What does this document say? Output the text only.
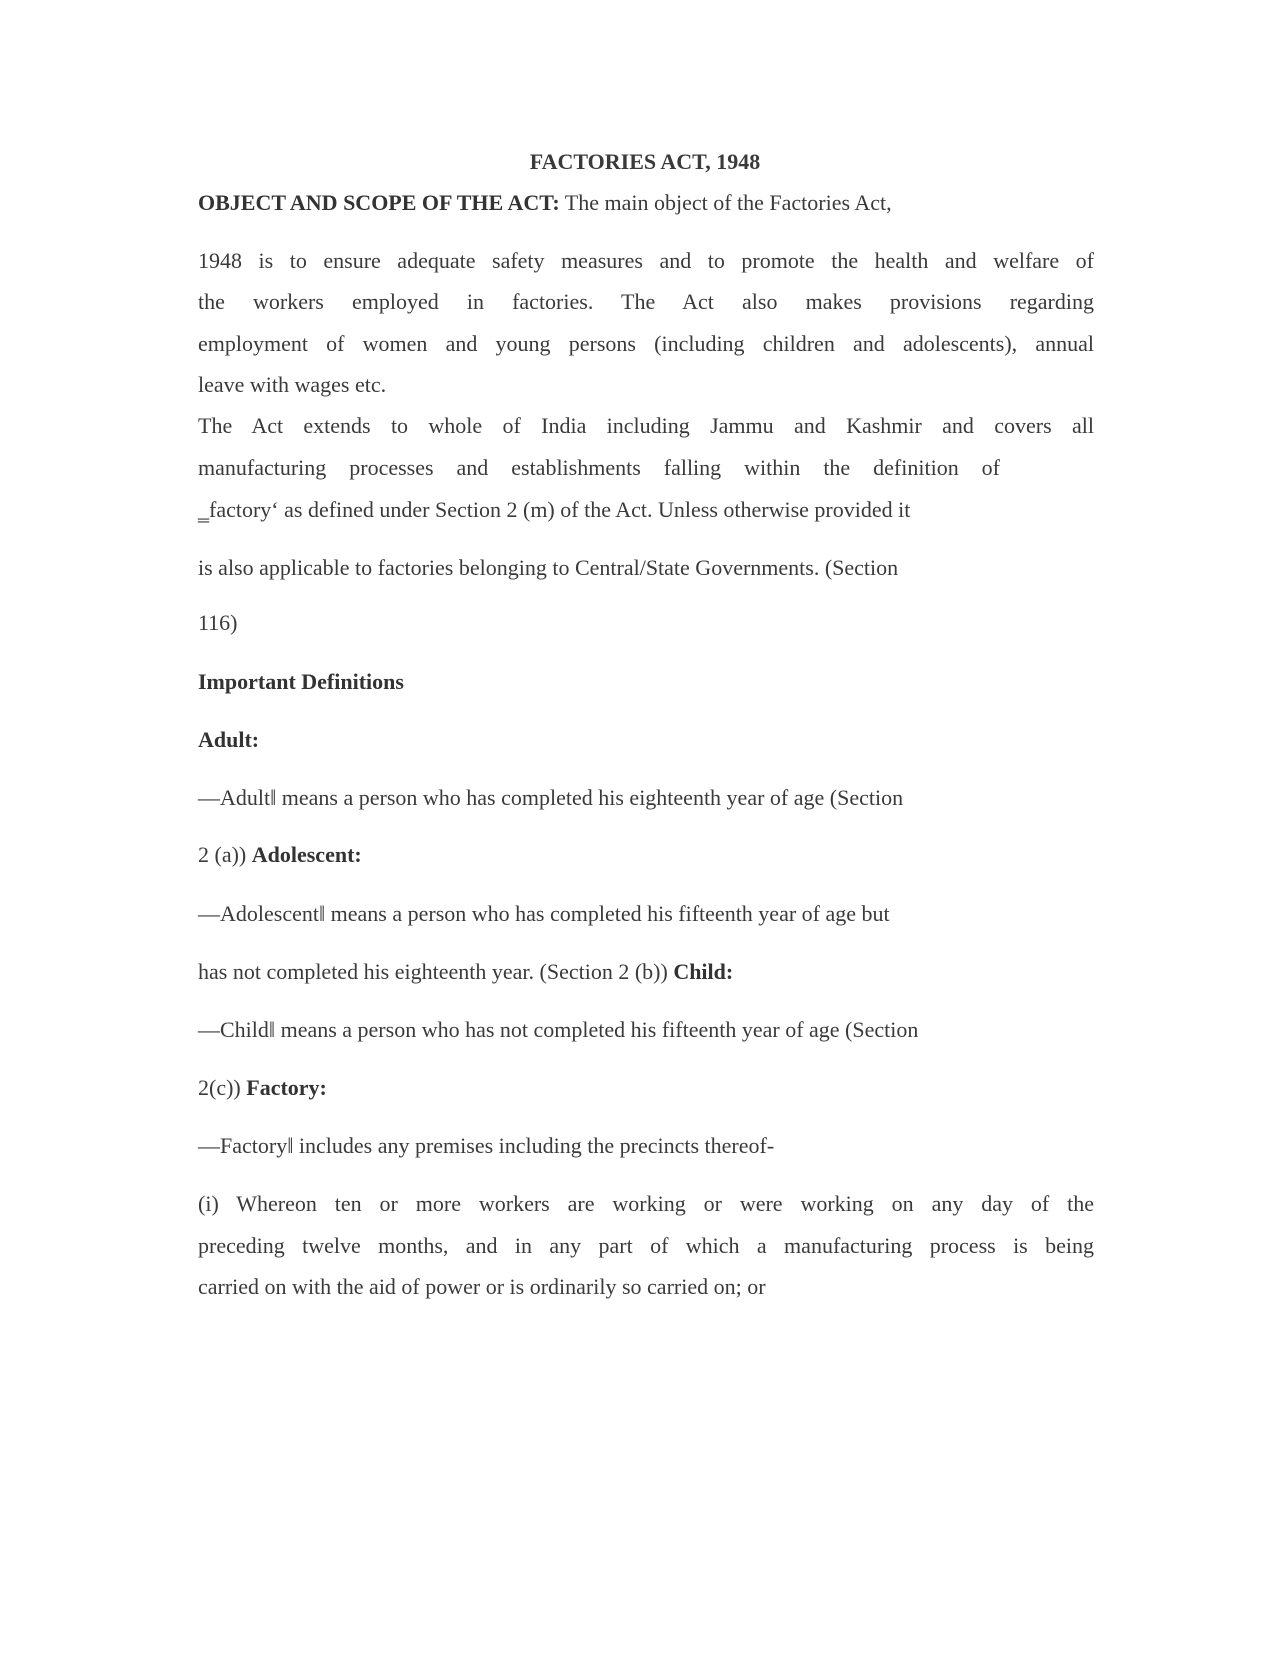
FACTORIES ACT, 1948
OBJECT AND SCOPE OF THE ACT: The main object of the Factories Act,
1948 is to ensure adequate safety measures and to promote the health and welfare of
the workers employed in factories. The Act also makes provisions regarding
employment of women and young persons (including children and adolescents), annual
leave with wages etc.
The Act extends to whole of India including Jammu and Kashmir and covers all
manufacturing processes and establishments falling within the definition of
‗factory‘ as defined under Section 2 (m) of the Act. Unless otherwise provided it
is also applicable to factories belonging to Central/State Governments. (Section
116)
Important Definitions
Adult:
―Adult‖ means a person who has completed his eighteenth year of age (Section
2 (a)) Adolescent:
―Adolescent‖ means a person who has completed his fifteenth year of age but
has not completed his eighteenth year. (Section 2 (b)) Child:
―Child‖ means a person who has not completed his fifteenth year of age (Section
2(c)) Factory:
―Factory‖ includes any premises including the precincts thereof-
(i) Whereon ten or more workers are working or were working on any day of the
preceding twelve months, and in any part of which a manufacturing process is being
carried on with the aid of power or is ordinarily so carried on; or
